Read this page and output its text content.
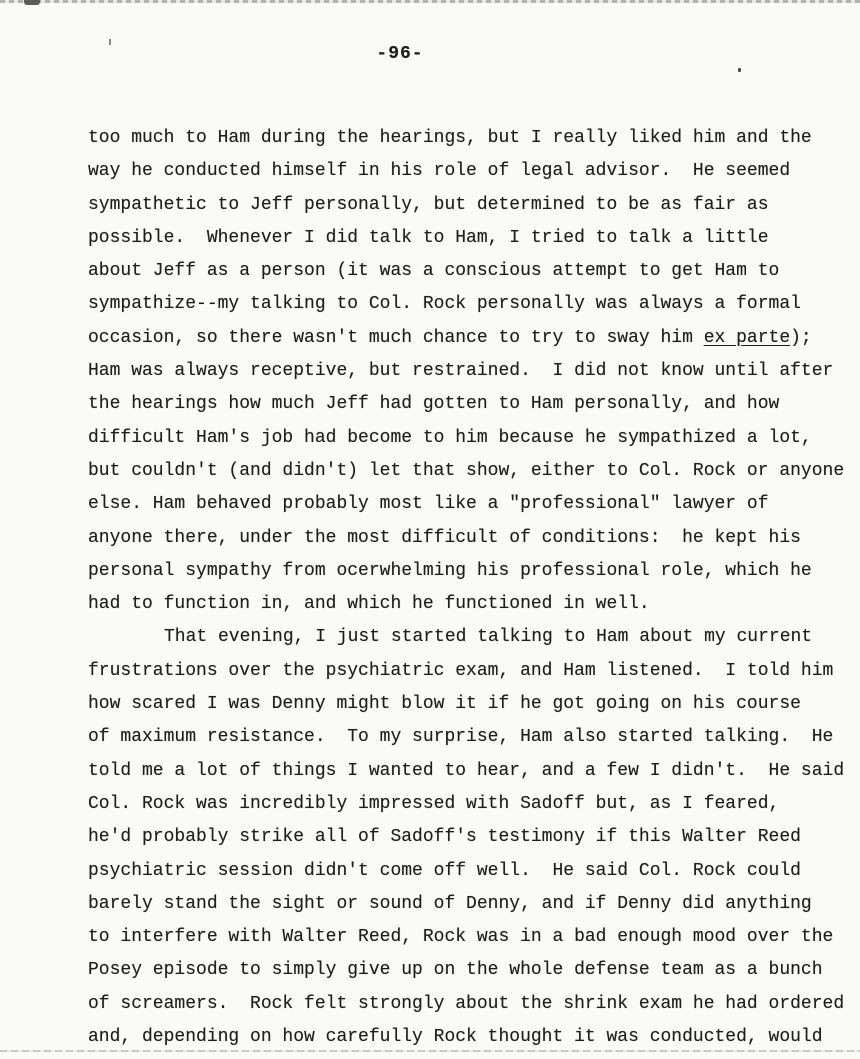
-96-
too much to Ham during the hearings, but I really liked him and the
way he conducted himself in his role of legal advisor.  He seemed
sympathetic to Jeff personally, but determined to be as fair as
possible.  Whenever I did talk to Ham, I tried to talk a little
about Jeff as a person (it was a conscious attempt to get Ham to
sympathize--my talking to Col. Rock personally was always a formal
occasion, so there wasn't much chance to try to sway him ex parte);
Ham was always receptive, but restrained.  I did not know until after
the hearings how much Jeff had gotten to Ham personally, and how
difficult Ham's job had become to him because he sympathized a lot,
but couldn't (and didn't) let that show, either to Col. Rock or anyone
else. Ham behaved probably most like a "professional" lawyer of
anyone there, under the most difficult of conditions:  he kept his
personal sympathy from ocerwhelming his professional role, which he
had to function in, and which he functioned in well.
That evening, I just started talking to Ham about my current
frustrations over the psychiatric exam, and Ham listened.  I told him
how scared I was Denny might blow it if he got going on his course
of maximum resistance.  To my surprise, Ham also started talking.  He
told me a lot of things I wanted to hear, and a few I didn't.  He said
Col. Rock was incredibly impressed with Sadoff but, as I feared,
he'd probably strike all of Sadoff's testimony if this Walter Reed
psychiatric session didn't come off well.  He said Col. Rock could
barely stand the sight or sound of Denny, and if Denny did anything
to interfere with Walter Reed, Rock was in a bad enough mood over the
Posey episode to simply give up on the whole defense team as a bunch
of screamers.  Rock felt strongly about the shrink exam he had ordered
and, depending on how carefully Rock thought it was conducted, would
